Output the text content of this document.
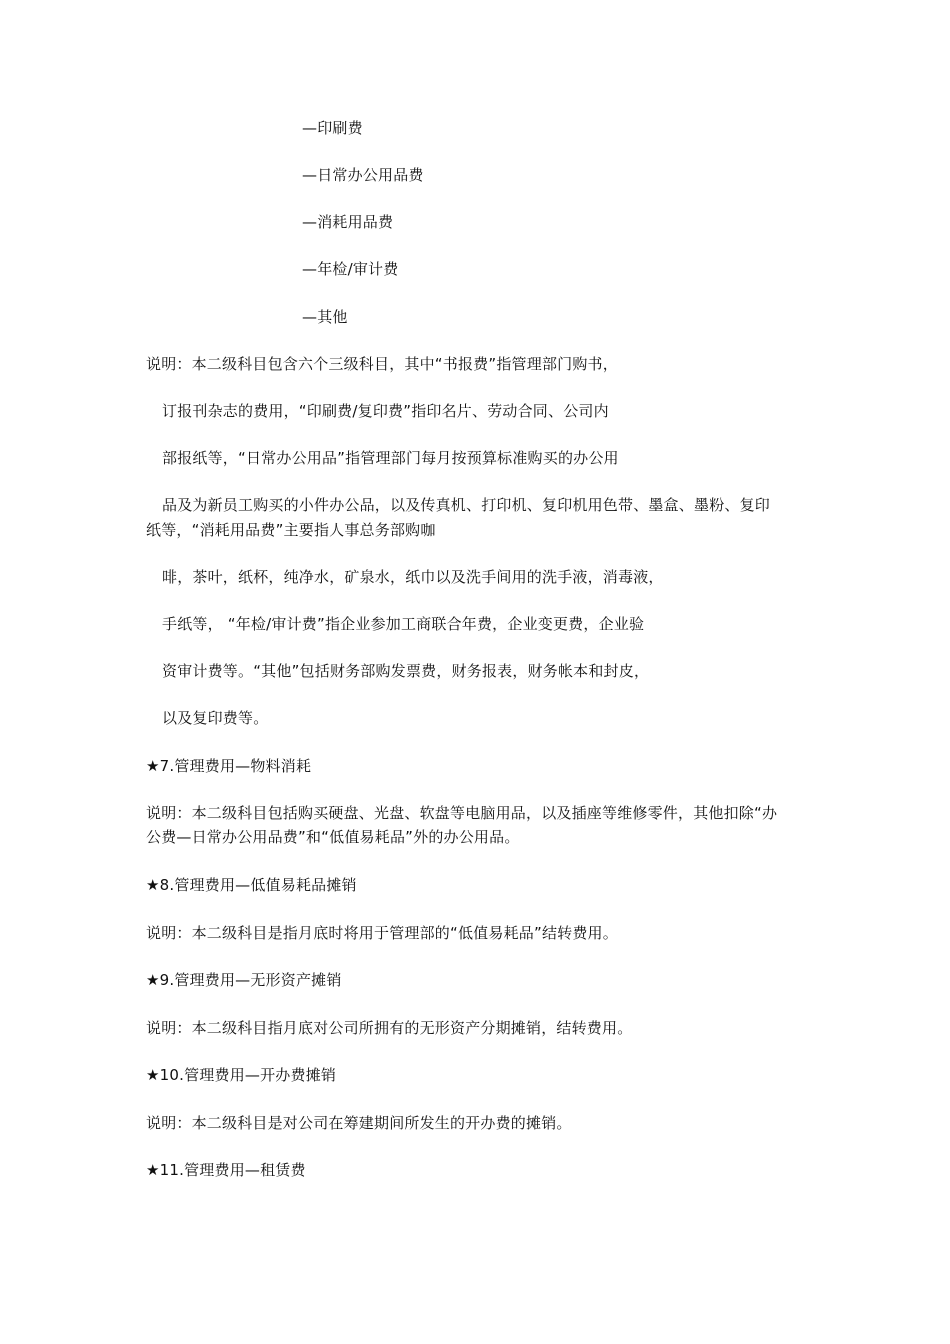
—印刷费
—日常办公用品费
—消耗用品费
—年检/审计费
—其他
说明：本二级科目包含六个三级科目，其中“书报费”指管理部门购书，
订报刊杂志的费用，“印刷费/复印费”指印名片、劳动合同、公司内
部报纸等，“日常办公用品”指管理部门每月按预算标准购买的办公用
品及为新员工购买的小件办公品，以及传真机、打印机、复印机用色带、墨盒、墨粉、复印
纸等，“消耗用品费”主要指人事总务部购咖
啡，茶叶，纸杯，纯净水，矿泉水，纸巾以及洗手间用的洗手液，消毒液，
手纸等， “年检/审计费”指企业参加工商联合年费，企业变更费，企业验
资审计费等。“其他”包括财务部购发票费，财务报表，财务帐本和封皮，
以及复印费等。
★7.管理费用—物料消耗
说明：本二级科目包括购买硬盘、光盘、软盘等电脑用品，以及插座等维修零件，其他扣除“办
公费—日常办公用品费”和“低值易耗品”外的办公用品。
★8.管理费用—低值易耗品摊销
说明：本二级科目是指月底时将用于管理部的“低值易耗品”结转费用。
★9.管理费用—无形资产摊销
说明：本二级科目指月底对公司所拥有的无形资产分期摊销，结转费用。
★10.管理费用—开办费摊销
说明：本二级科目是对公司在筹建期间所发生的开办费的摊销。
★11.管理费用—租赁费
